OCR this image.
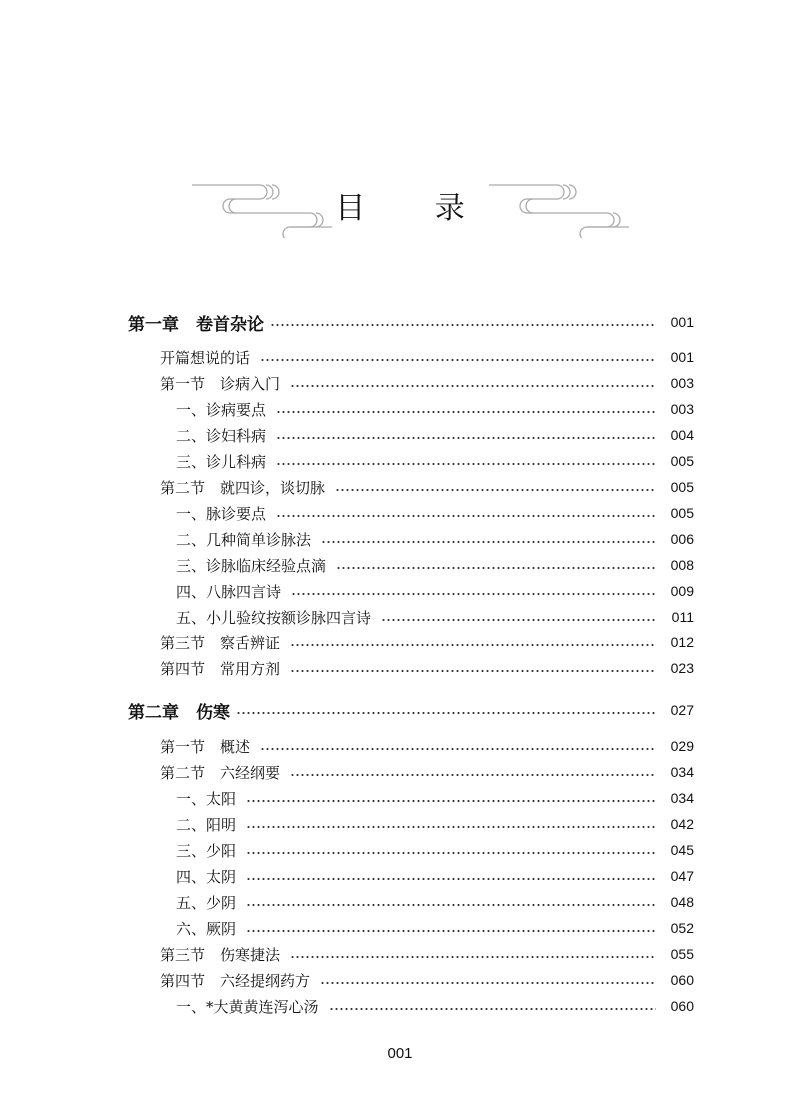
目 录
第一章　卷首杂论	001
开篇想说的话	001
第一节　诊病入门	003
一、诊病要点	003
二、诊妇科病	004
三、诊儿科病	005
第二节　就四诊，谈切脉	005
一、脉诊要点	005
二、几种简单诊脉法	006
三、诊脉临床经验点滴	008
四、八脉四言诗	009
五、小儿验纹按额诊脉四言诗	011
第三节　察舌辨证	012
第四节　常用方剂	023
第二章　伤寒	027
第一节　概述	029
第二节　六经纲要	034
一、太阳	034
二、阳明	042
三、少阳	045
四、太阴	047
五、少阴	048
六、厥阴	052
第三节　伤寒捷法	055
第四节　六经提纲药方	060
一、*大黄黄连泻心汤	060
001
